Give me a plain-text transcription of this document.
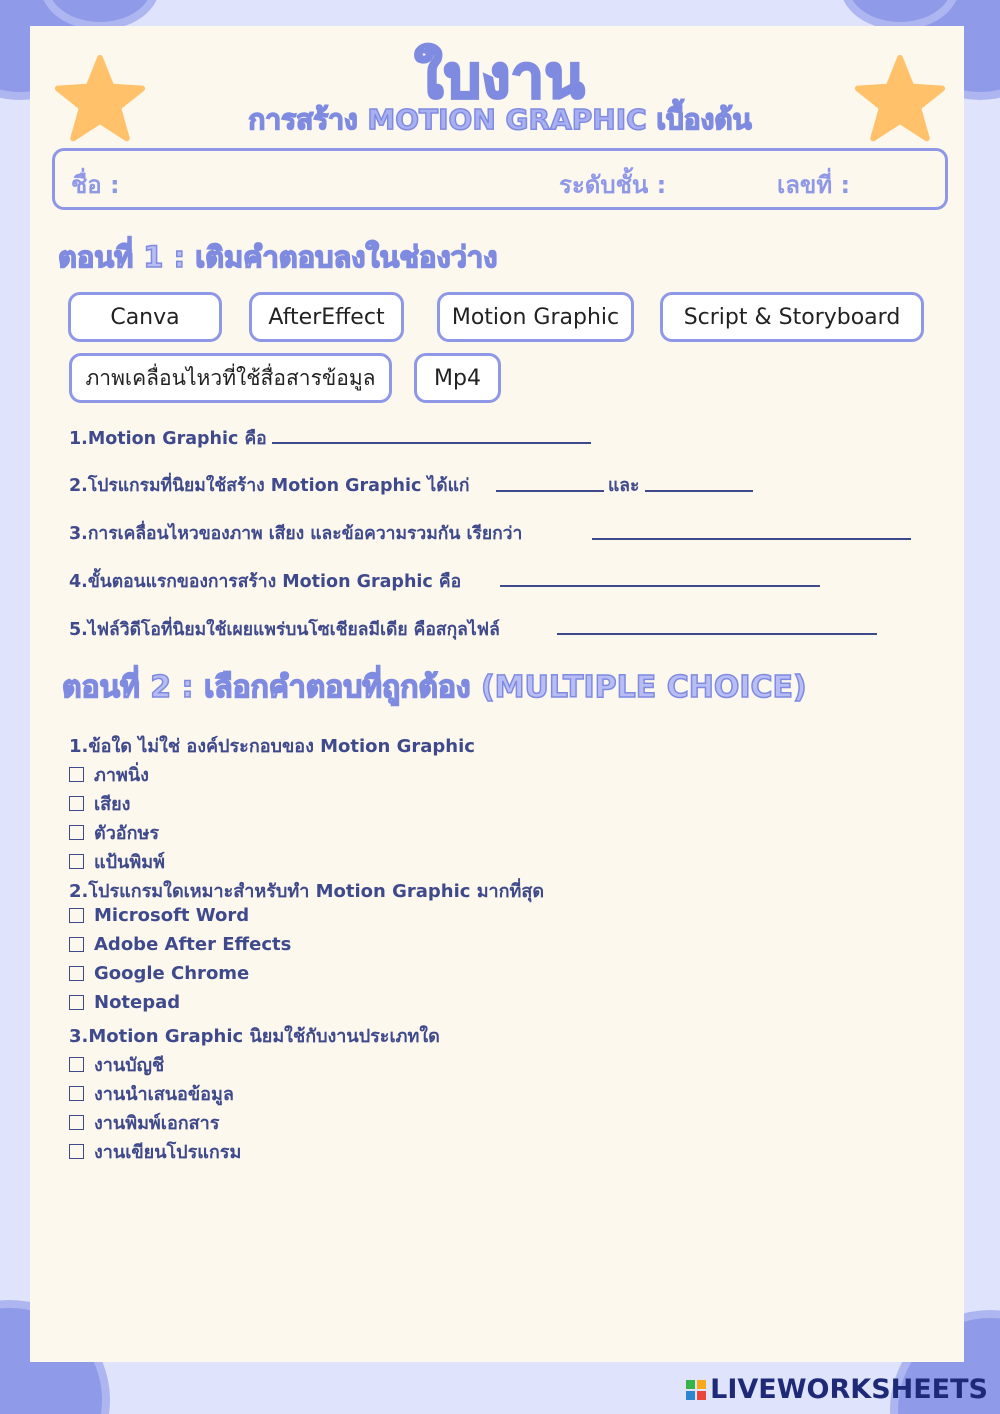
ใบงาน
การสร้าง MOTION GRAPHIC เบื้องต้น
ชื่อ :	ระดับชั้น :	เลขที่ :
ตอนที่ 1 : เติมคำตอบลงในช่องว่าง
Canva	AfterEffect	Motion Graphic	Script & Storyboard
ภาพเคลื่อนไหวที่ใช้สื่อสารข้อมูล	Mp4
1.Motion Graphic คือ
2.โปรแกรมที่นิยมใช้สร้าง Motion Graphic ได้แก่	และ
3.การเคลื่อนไหวของภาพ เสียง และข้อความรวมกัน เรียกว่า
4.ขั้นตอนแรกของการสร้าง Motion Graphic คือ
5.ไฟล์วิดีโอที่นิยมใช้เผยแพร่บนโซเชียลมีเดีย คือสกุลไฟล์
ตอนที่ 2 : เลือกคำตอบที่ถูกต้อง (MULTIPLE CHOICE)
1.ข้อใด ไม่ใช่ องค์ประกอบของ Motion Graphic
ภาพนิ่ง
เสียง
ตัวอักษร
แป้นพิมพ์
2.โปรแกรมใดเหมาะสำหรับทำ Motion Graphic มากที่สุด
Microsoft Word
Adobe After Effects
Google Chrome
Notepad
3.Motion Graphic นิยมใช้กับงานประเภทใด
งานบัญชี
งานนำเสนอข้อมูล
งานพิมพ์เอกสาร
งานเขียนโปรแกรม
LIVEWORKSHEETS
